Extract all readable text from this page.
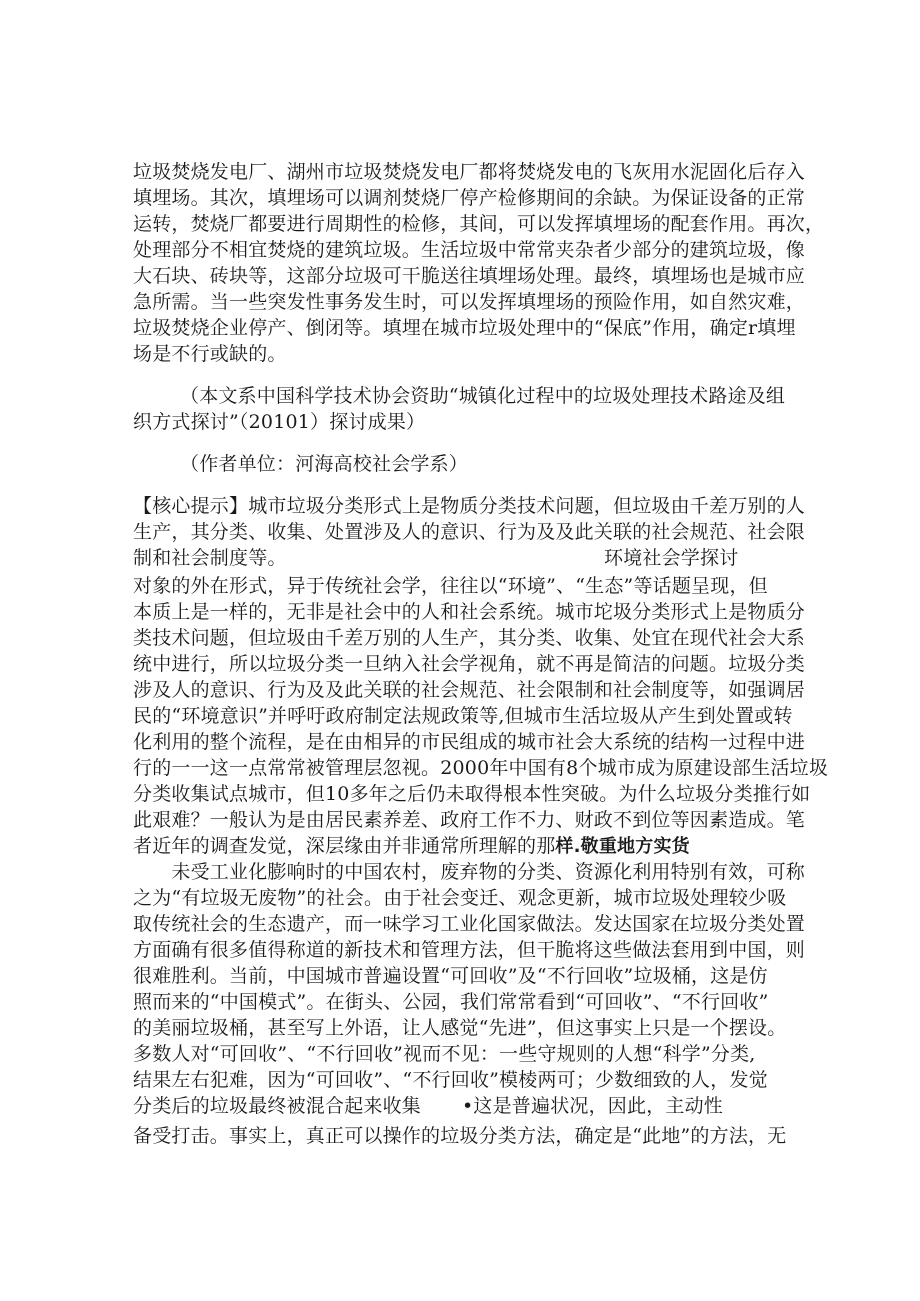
垃圾焚烧发电厂、湖州市垃圾焚烧发电厂都将焚烧发电的飞灰用水泥固化后存入
填埋场。其次，填埋场可以调剂焚烧厂停产检修期间的余缺。为保证设备的正常
运转，焚烧厂都要进行周期性的检修，其间，可以发挥填埋场的配套作用。再次，
处理部分不相宜焚烧的建筑垃圾。生活垃圾中常常夹杂者少部分的建筑垃圾，像
大石块、砖块等，这部分垃圾可干脆送往填埋场处理。最终，填埋场也是城市应
急所需。当一些突发性事务发生时，可以发挥填埋场的预险作用，如自然灾难，
垃圾焚烧企业停产、倒闭等。填埋在城市垃圾处理中的“保底”作用，确定r填埋
场是不行或缺的。
（本文系中国科学技术协会资助“城镇化过程中的垃圾处理技术路途及组
织方式探讨”（20101）探讨成果）
（作者单位：河海高校社会学系）
【核心提示】城市垃圾分类形式上是物质分类技术问题，但垃圾由千差万别的人
生产，其分类、收集、处置涉及人的意识、行为及及此关联的社会规范、社会限
制和社会制度等。	环境社会学探讨
对象的外在形式，异于传统社会学，往往以“环境”、“生态”等话题呈现，但
本质上是一样的，无非是社会中的人和社会系统。城市坨圾分类形式上是物质分
类技术问题，但垃圾由千差万别的人生产，其分类、收集、处宜在现代社会大系
统中进行，所以垃圾分类一旦纳入社会学视角，就不再是简洁的问题。垃圾分类
涉及人的意识、行为及及此关联的社会规范、社会限制和社会制度等，如强调居
民的“环境意识”并呼吁政府制定法规政策等,但城市生活垃圾从产生到处置或转
化利用的整个流程，是在由相异的市民组成的城市社会大系统的结构一过程中进
行的一一这一点常常被管理层忽视。2000年中国有8个城市成为原建设部生活垃圾
分类收集试点城市，但10多年之后仍未取得根本性突破。为什么垃圾分类推行如
此艰难？一般认为是由居民素养差、政府工作不力、财政不到位等因素造成。笔
者近年的调查发觉，深层缘由并非通常所理解的那样.敬重地方实货
　　未受工业化膨响时的中国农村，废弃物的分类、资源化利用特别有效，可称
之为“有垃圾无废物”的社会。由于社会变迁、观念更新，城市垃圾处理较少吸
取传统社会的生态遗产，而一味学习工业化国家做法。发达国家在垃圾分类处置
方面确有很多值得称道的新技术和管理方法，但干脆将这些做法套用到中国，则
很难胜利。当前，中国城市普遍设置“可回收”及“不行回收”垃圾桶，这是仿
照而来的“中国模式”。在街头、公园，我们常常看到“可回收”、“不行回收”
的美丽垃圾桶，甚至写上外语，让人感觉“先进”，但这事实上只是一个摆设。
多数人对“可回收”、“不行回收”视而不见：一些守规则的人想“科学”分类,
结果左右犯难，因为“可回收”、“不行回收”模棱两可；少数细致的人，发觉
分类后的垃圾最终被混合起来收集 •这是普遍状况，因此，主动性
备受打击。事实上，真正可以操作的垃圾分类方法，确定是“此地”的方法，无
